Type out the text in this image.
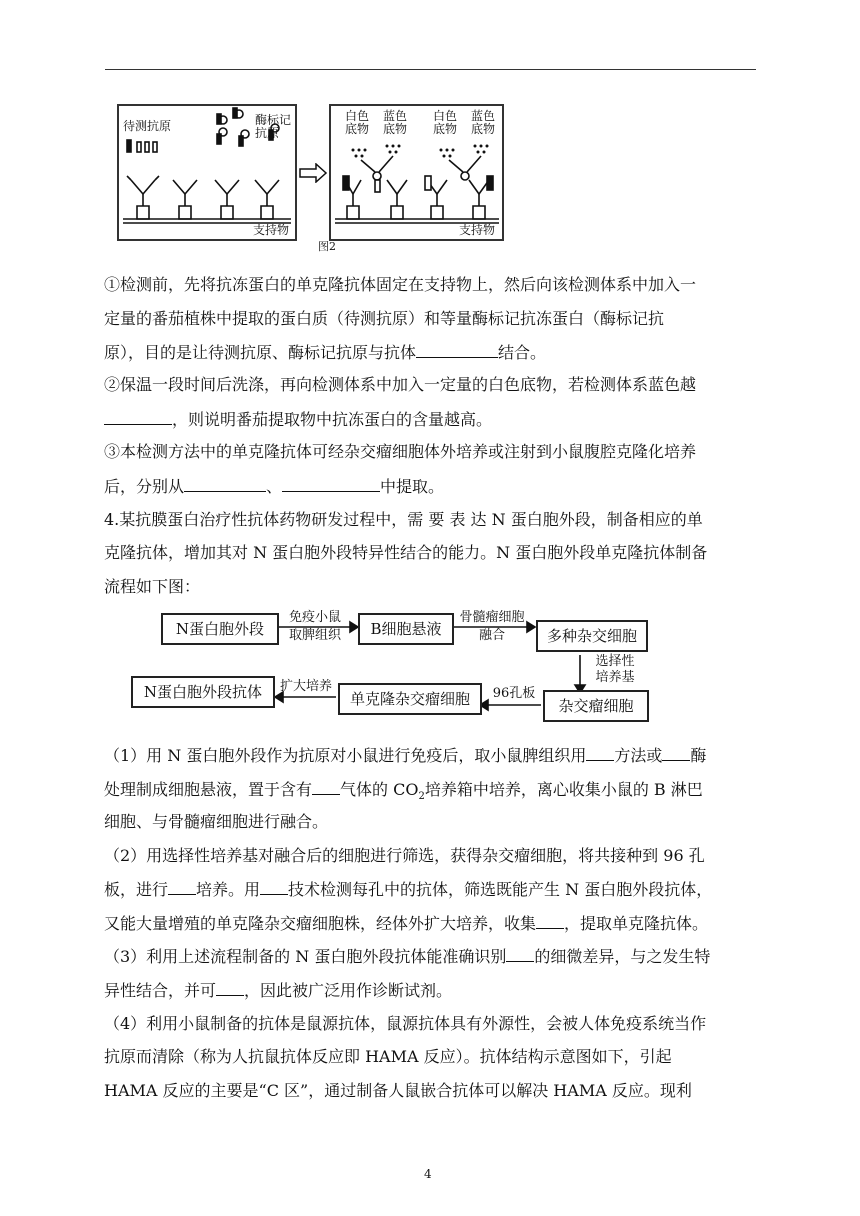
待测抗原	酶标记抗原
支持物
白色底物
蓝色底物
白色底物
蓝色底物
支持物
图2

①检测前，先将抗冻蛋白的单克隆抗体固定在支持物上，然后向该检测体系中加入一

定量的番茄植株中提取的蛋白质（待测抗原）和等量酶标记抗冻蛋白（酶标记抗

原），目的是让待测抗原、酶标记抗原与抗体	结合。

②保温一段时间后洗涤，再向检测体系中加入一定量的白色底物，若检测体系蓝色越

，则说明番茄提取物中抗冻蛋白的含量越高。

③本检测方法中的单克隆抗体可经杂交瘤细胞体外培养或注射到小鼠腹腔克隆化培养

后，分别从	、	中提取。

4.某抗膜蛋白治疗性抗体药物研发过程中，需 要 表 达 N 蛋白胞外段，制备相应的单

克隆抗体，增加其对 N 蛋白胞外段特异性结合的能力。N 蛋白胞外段单克隆抗体制备

流程如下图：

N蛋白胞外段
免疫小鼠
取脾组织	B细胞悬液
骨髓瘤细胞
融合	多种杂交细胞
选择性
培养基
杂交瘤细胞
96孔板
单克隆杂交瘤细胞
扩大培养
N蛋白胞外段抗体

（1）用 N 蛋白胞外段作为抗原对小鼠进行免疫后，取小鼠脾组织用 方法或 酶

处理制成细胞悬液，置于含有 气体的 $CO_2$培养箱中培养，离心收集小鼠的 B 淋巴

细胞、与骨髓瘤细胞进行融合。

（2）用选择性培养基对融合后的细胞进行筛选，获得杂交瘤细胞，将共接种到 96 孔

板，进行 培养。用 技术检测每孔中的抗体，筛选既能产生 N 蛋白胞外段抗体，

又能大量增殖的单克隆杂交瘤细胞株，经体外扩大培养，收集 ，提取单克隆抗体。

（3）利用上述流程制备的 N 蛋白胞外段抗体能准确识别 的细微差异，与之发生特

异性结合，并可 ，因此被广泛用作诊断试剂。

（4）利用小鼠制备的抗体是鼠源抗体，鼠源抗体具有外源性，会被人体免疫系统当作

抗原而清除（称为人抗鼠抗体反应即 HAMA 反应）。抗体结构示意图如下，引起

HAMA 反应的主要是“C 区”，通过制备人鼠嵌合抗体可以解决 HAMA 反应。现利

4
